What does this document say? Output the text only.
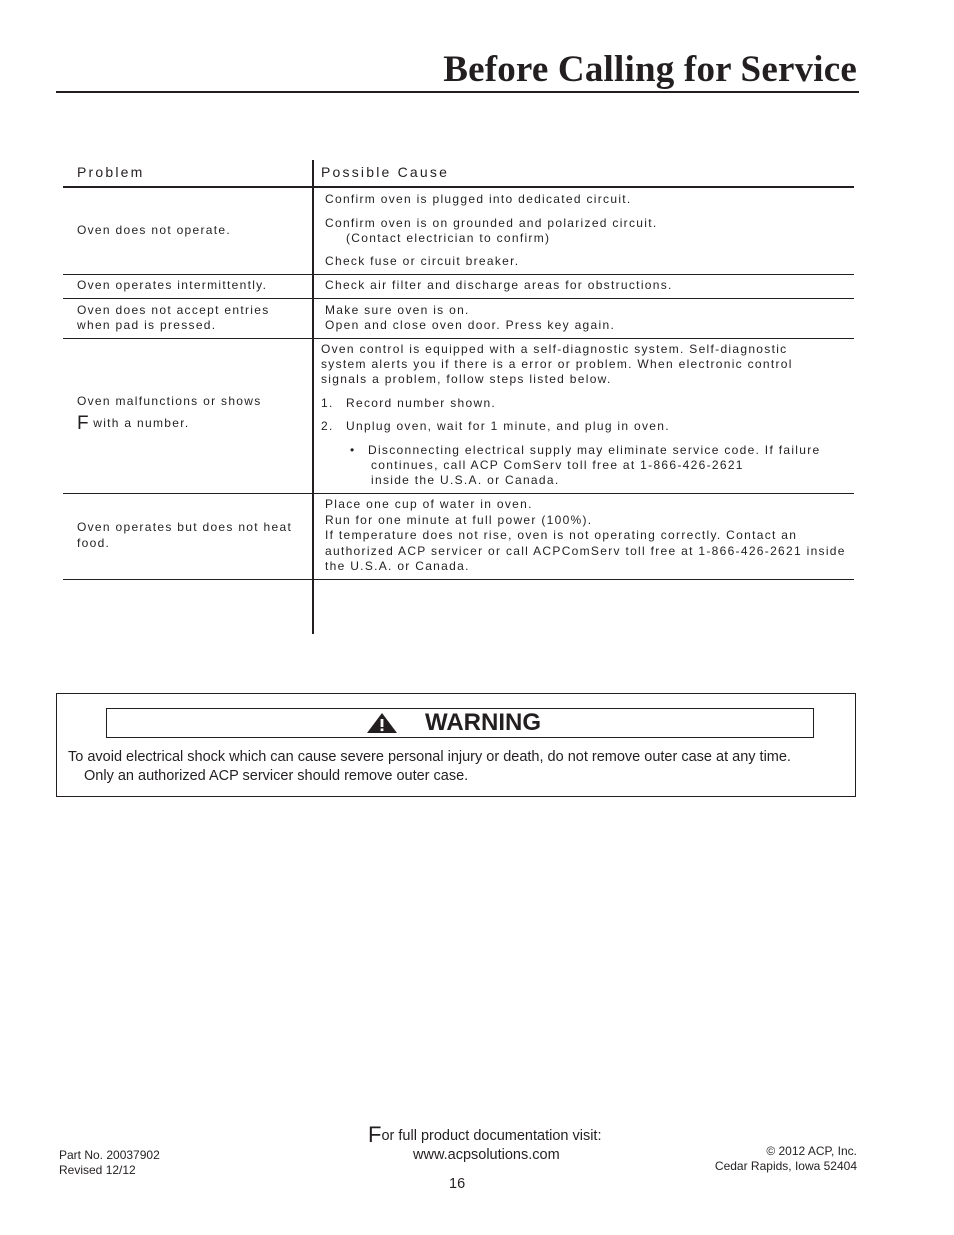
Before Calling for Service
Problem	Possible Cause
Oven does not operate.
Confirm oven is plugged into dedicated circuit.
Confirm oven is on grounded and polarized circuit.
(Contact electrician to confirm)
Check fuse or circuit breaker.
Oven operates intermittently.	Check air filter and discharge areas for obstructions.
Oven does not accept entries
when pad is pressed.
Make sure oven is on.
Open and close oven door. Press key again.
Oven malfunctions or shows
F with a number.
Oven control is equipped with a self-diagnostic system. Self-diagnostic
system alerts you if there is a error or problem. When electronic control
signals a problem, follow steps listed below.
1. Record number shown.
2. Unplug oven, wait for 1 minute, and plug in oven.
• Disconnecting electrical supply may eliminate service code. If failure
continues, call ACP ComServ toll free at 1-866-426-2621
inside the U.S.A. or Canada.
Oven operates but does not heat
food.
Place one cup of water in oven.
Run for one minute at full power (100%).
If temperature does not rise, oven is not operating correctly. Contact an
authorized ACP servicer or call ACPComServ toll free at 1-866-426-2621 inside
the U.S.A. or Canada.
WARNING
To avoid electrical shock which can cause severe personal injury or death, do not remove outer case at any time.
Only an authorized ACP servicer should remove outer case.
Part No. 20037902
Revised 12/12
For full product documentation visit:
www.acpsolutions.com
16
© 2012 ACP, Inc.
Cedar Rapids, Iowa 52404
